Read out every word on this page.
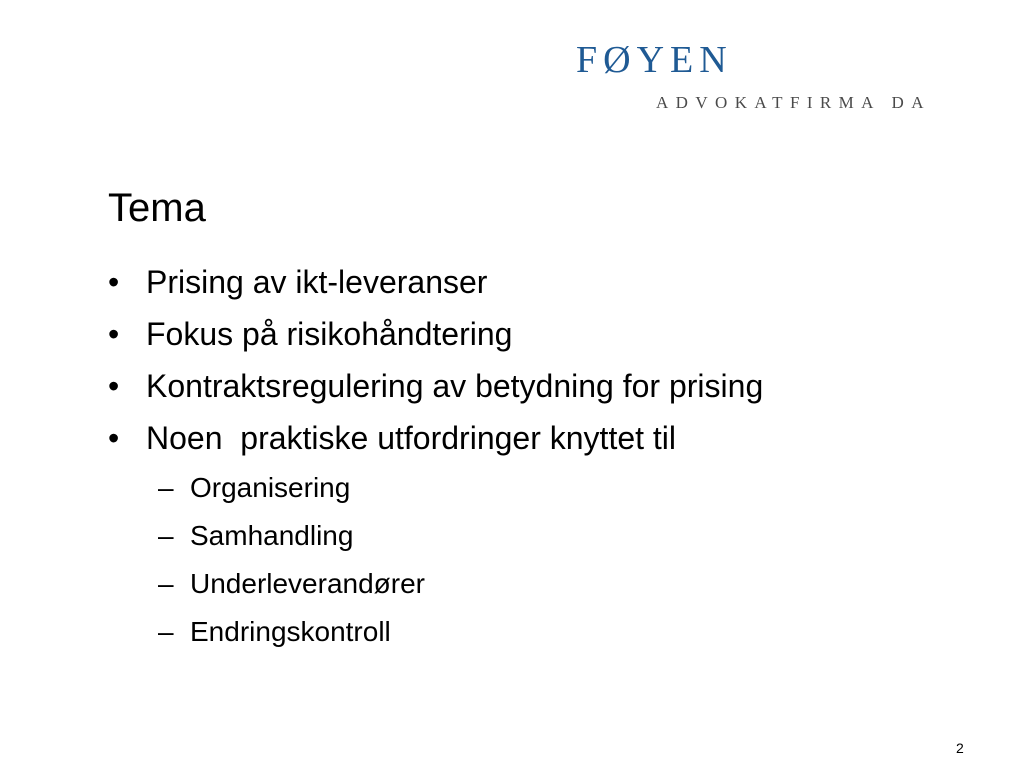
FØYEN
ADVOKATFIRMA DA
Tema
• Prising av ikt-leveranser
• Fokus på risikohåndtering
• Kontraktsregulering av betydning for prising
• Noen  praktiske utfordringer knyttet til
– Organisering
– Samhandling
– Underleverandører
– Endringskontroll
2
